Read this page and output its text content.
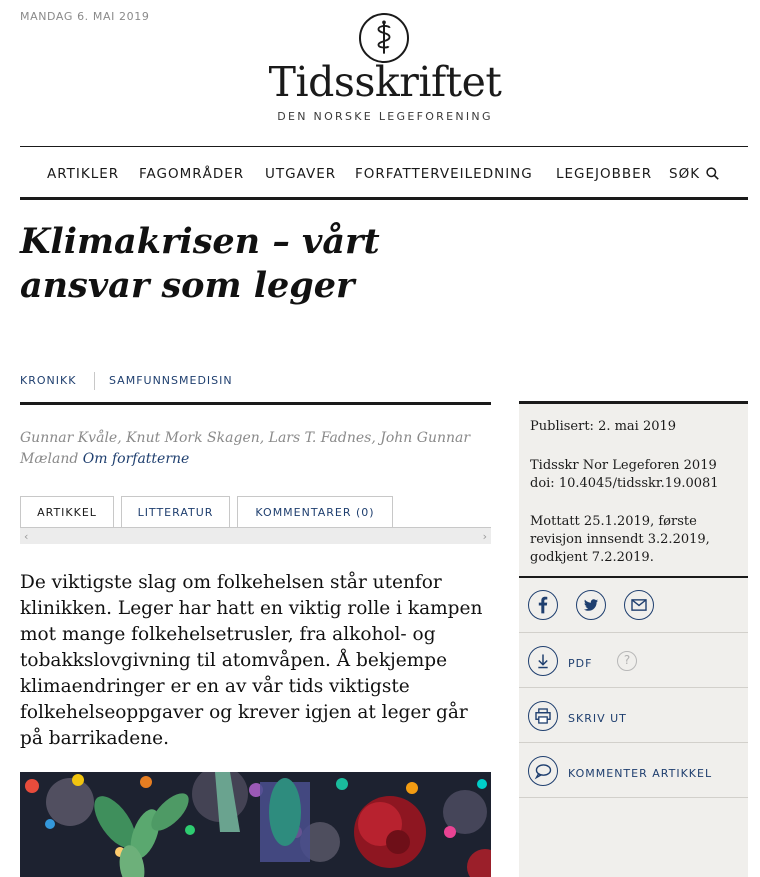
MANDAG 6. MAI 2019
Tidsskriftet
DEN NORSKE LEGEFORENING
ARTIKLER FAGOMRÅDER UTGAVER FORFATTERVEILEDNING LEGEJOBBER SØK
Klimakrisen – vårt ansvar som leger
KRONIKK	SAMFUNNSMEDISIN

Gunnar Kvåle, Knut Mork Skagen, Lars T. Fadnes, John Gunnar Mæland Om forfatterne

ARTIKKEL	LITTERATUR	KOMMENTARER (0)
‹	›

De viktigste slag om folkehelsen står utenfor klinikken. Leger har hatt en viktig rolle i kampen mot mange folkehelsetrusler, fra alkohol- og tobakkslovgivning til atomvåpen. Å bekjempe klimaendringer er en av vår tids viktigste folkehelseoppgaver og krever igjen at leger går på barrikadene.

Publisert: 2. mai 2019
Tidsskr Nor Legeforen 2019
doi: 10.4045/tidsskr.19.0081
Mottatt 25.1.2019, første revisjon innsendt 3.2.2019, godkjent 7.2.2019.
PDF	?
SKRIV UT
KOMMENTER ARTIKKEL
